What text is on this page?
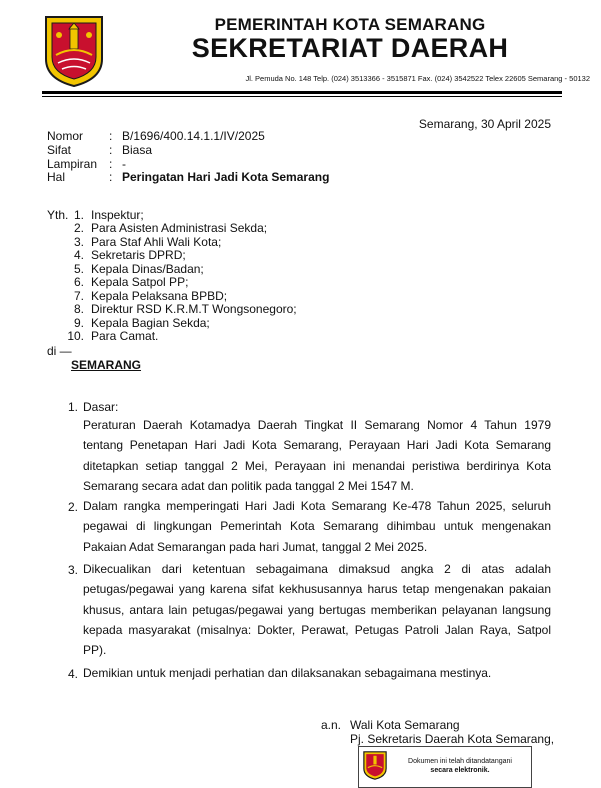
PEMERINTAH KOTA SEMARANG
SEKRETARIAT DAERAH
Jl. Pemuda No. 148 Telp. (024) 3513366 - 3515871 Fax. (024) 3542522 Telex 22605 Semarang - 50132
Semarang, 30 April 2025
Nomor : B/1696/400.14.1.1/IV/2025
Sifat	: Biasa
Lampiran : -
Hal	: Peringatan Hari Jadi Kota Semarang
Yth. 1. Inspektur;
2. Para Asisten Administrasi Sekda;
3. Para Staf Ahli Wali Kota;
4. Sekretaris DPRD;
5. Kepala Dinas/Badan;
6. Kepala Satpol PP;
7. Kepala Pelaksana BPBD;
8. Direktur RSD K.R.M.T Wongsonegoro;
9. Kepala Bagian Sekda;
10. Para Camat.
di —
SEMARANG
1. Dasar:
Peraturan Daerah Kotamadya Daerah Tingkat II Semarang Nomor 4 Tahun 1979 tentang Penetapan Hari Jadi Kota Semarang, Perayaan Hari Jadi Kota Semarang ditetapkan setiap tanggal 2 Mei, Perayaan ini menandai peristiwa berdirinya Kota Semarang secara adat dan politik pada tanggal 2 Mei 1547 M.
2. Dalam rangka memperingati Hari Jadi Kota Semarang Ke-478 Tahun 2025, seluruh pegawai di lingkungan Pemerintah Kota Semarang dihimbau untuk mengenakan Pakaian Adat Semarangan pada hari Jumat, tanggal 2 Mei 2025.
3. Dikecualikan dari ketentuan sebagaimana dimaksud angka 2 di atas adalah petugas/pegawai yang karena sifat kekhususannya harus tetap mengenakan pakaian khusus, antara lain petugas/pegawai yang bertugas memberikan pelayanan langsung kepada masyarakat (misalnya: Dokter, Perawat, Petugas Patroli Jalan Raya, Satpol PP).
4. Demikian untuk menjadi perhatian dan dilaksanakan sebagaimana mestinya.
a.n. Wali Kota Semarang
Pj. Sekretaris Daerah Kota Semarang,
Dokumen ini telah ditandatangani
secara elektronik.
